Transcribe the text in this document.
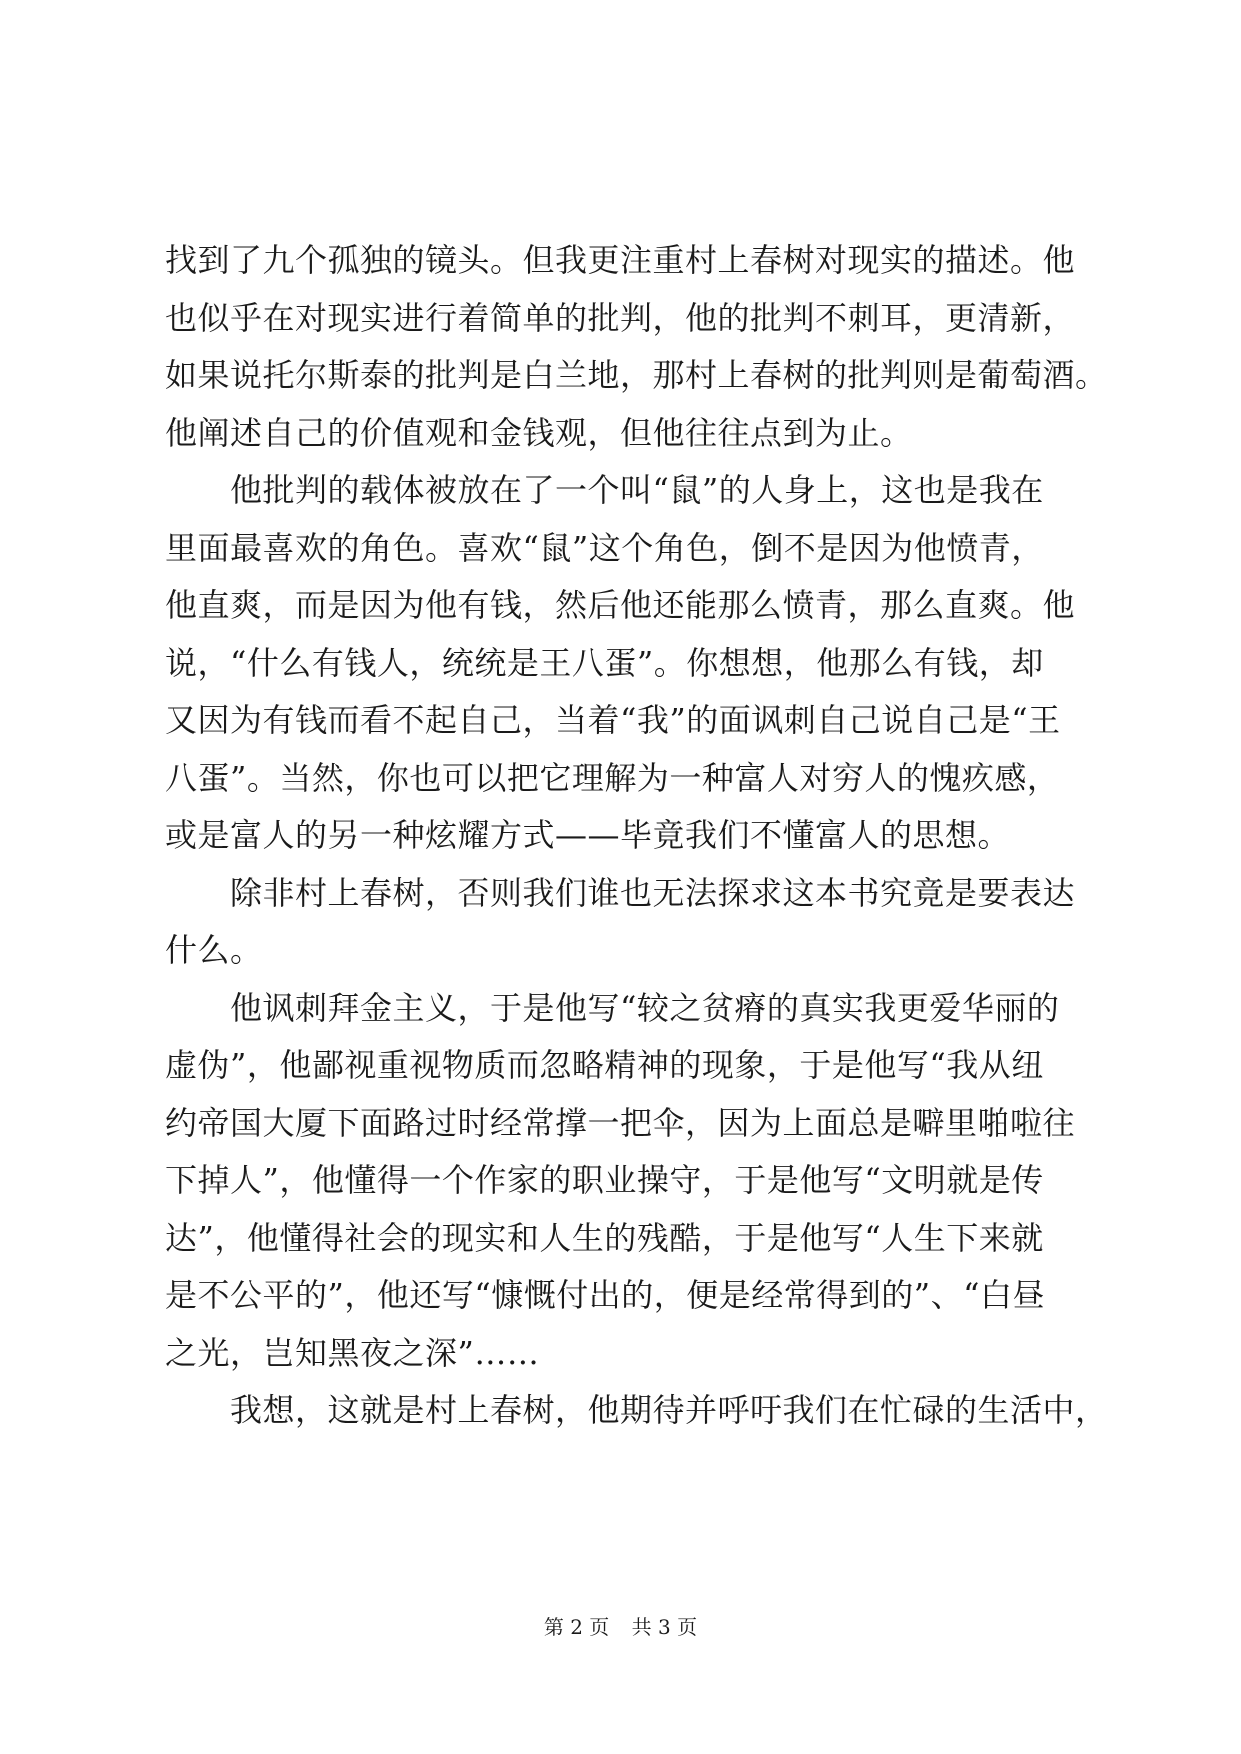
找到了九个孤独的镜头。但我更注重村上春树对现实的描述。他
也似乎在对现实进行着简单的批判，他的批判不刺耳，更清新，
如果说托尔斯泰的批判是白兰地，那村上春树的批判则是葡萄酒。
他阐述自己的价值观和金钱观，但他往往点到为止。
　　他批判的载体被放在了一个叫“鼠”的人身上，这也是我在
里面最喜欢的角色。喜欢“鼠”这个角色，倒不是因为他愤青，
他直爽，而是因为他有钱，然后他还能那么愤青，那么直爽。他
说，“什么有钱人，统统是王八蛋”。你想想，他那么有钱，却
又因为有钱而看不起自己，当着“我”的面讽刺自己说自己是“王
八蛋”。当然，你也可以把它理解为一种富人对穷人的愧疚感，
或是富人的另一种炫耀方式——毕竟我们不懂富人的思想。
　　除非村上春树，否则我们谁也无法探求这本书究竟是要表达
什么。
　　他讽刺拜金主义，于是他写“较之贫瘠的真实我更爱华丽的
虚伪”，他鄙视重视物质而忽略精神的现象，于是他写“我从纽
约帝国大厦下面路过时经常撑一把伞，因为上面总是噼里啪啦往
下掉人”，他懂得一个作家的职业操守，于是他写“文明就是传
达”，他懂得社会的现实和人生的残酷，于是他写“人生下来就
是不公平的”，他还写“慷慨付出的，便是经常得到的”、“白昼
之光，岂知黑夜之深”……
　　我想，这就是村上春树，他期待并呼吁我们在忙碌的生活中，
第 2 页 共 3 页
